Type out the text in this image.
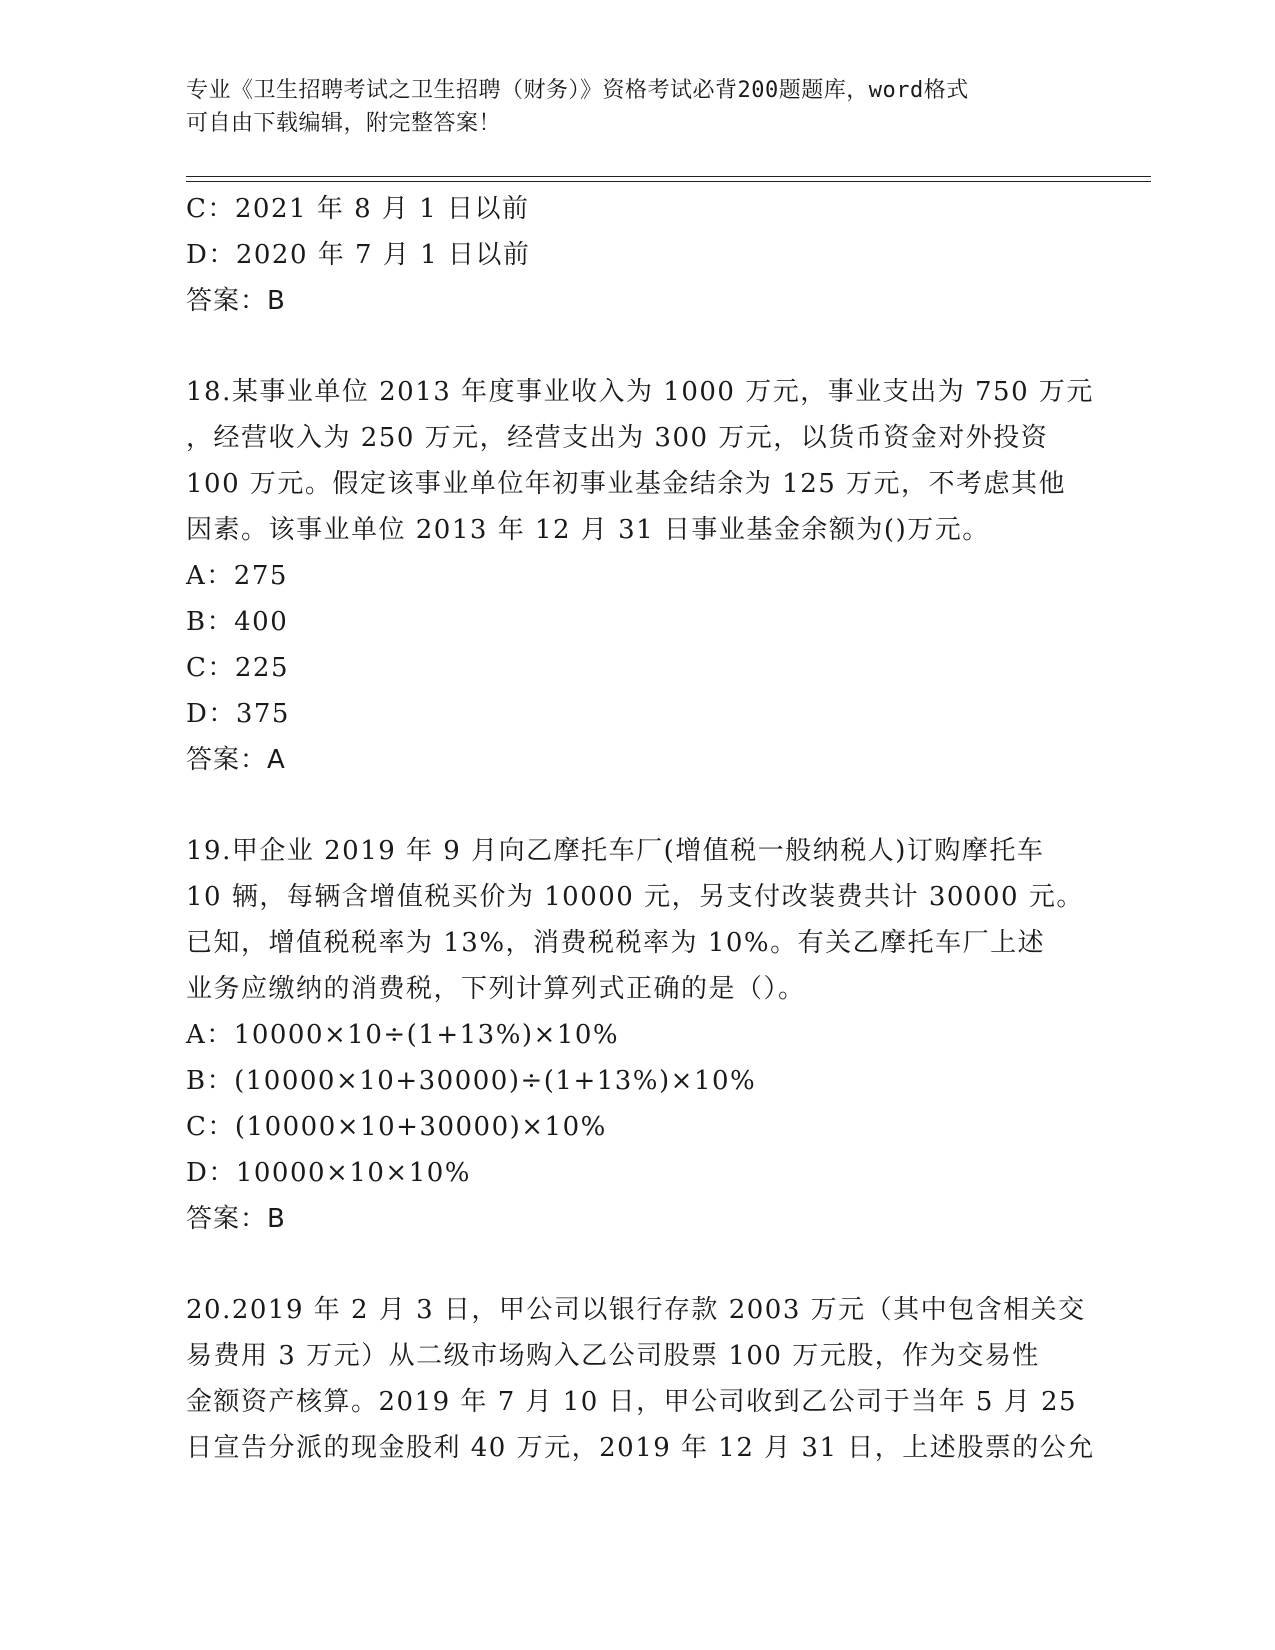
专业《卫生招聘考试之卫生招聘（财务）》资格考试必背200题题库，word格式
可自由下载编辑，附完整答案！
C：2021 年 8 月 1 日以前
D：2020 年 7 月 1 日以前
答案：B
18.某事业单位 2013 年度事业收入为 1000 万元，事业支出为 750 万元
，经营收入为 250 万元，经营支出为 300 万元，以货币资金对外投资
100 万元。假定该事业单位年初事业基金结余为 125 万元，不考虑其他
因素。该事业单位 2013 年 12 月 31 日事业基金余额为()万元。
A：275
B：400
C：225
D：375
答案：A
19.甲企业 2019 年 9 月向乙摩托车厂(增值税一般纳税人)订购摩托车
10 辆，每辆含增值税买价为 10000 元，另支付改装费共计 30000 元。
已知，增值税税率为 13%，消费税税率为 10%。有关乙摩托车厂上述
业务应缴纳的消费税，下列计算列式正确的是（）。
A：10000×10÷(1+13%)×10%
B：(10000×10+30000)÷(1+13%)×10%
C：(10000×10+30000)×10%
D：10000×10×10%
答案：B
20.2019 年 2 月 3 日，甲公司以银行存款 2003 万元（其中包含相关交
易费用 3 万元）从二级市场购入乙公司股票 100 万元股，作为交易性
金额资产核算。2019 年 7 月 10 日，甲公司收到乙公司于当年 5 月 25
日宣告分派的现金股利 40 万元，2019 年 12 月 31 日，上述股票的公允
